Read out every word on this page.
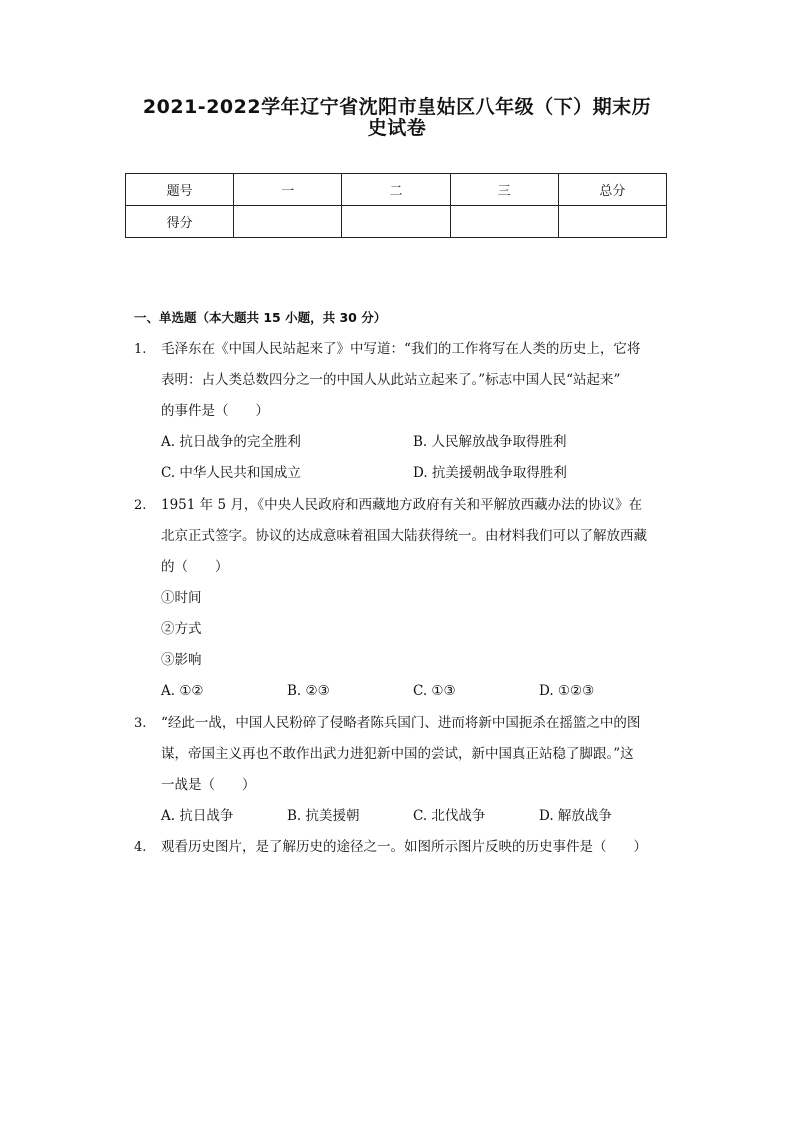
2021-2022学年辽宁省沈阳市皇姑区八年级（下）期末历
史试卷
题号	一	二	三	总分
得分				
一、单选题（本大题共 15 小题，共 30 分）
1. 毛泽东在《中国人民站起来了》中写道：“我们的工作将写在人类的历史上，它将
表明：占人类总数四分之一的中国人从此站立起来了。”标志中国人民“站起来”
的事件是（　　）
A. 抗日战争的完全胜利	B. 人民解放战争取得胜利
C. 中华人民共和国成立	D. 抗美援朝战争取得胜利
2. 1951 年 5 月，《中央人民政府和西藏地方政府有关和平解放西藏办法的协议》在
北京正式签字。协议的达成意味着祖国大陆获得统一。由材料我们可以了解放西藏
的（　　）
①时间
②方式
③影响
A. ①②	B. ②③	C. ①③	D. ①②③
3. “经此一战，中国人民粉碎了侵略者陈兵国门、进而将新中国扼杀在摇篮之中的图
谋，帝国主义再也不敢作出武力进犯新中国的尝试，新中国真正站稳了脚跟。”这
一战是（　　）
A. 抗日战争	B. 抗美援朝	C. 北伐战争	D. 解放战争
4. 观看历史图片，是了解历史的途径之一。如图所示图片反映的历史事件是（　　）
